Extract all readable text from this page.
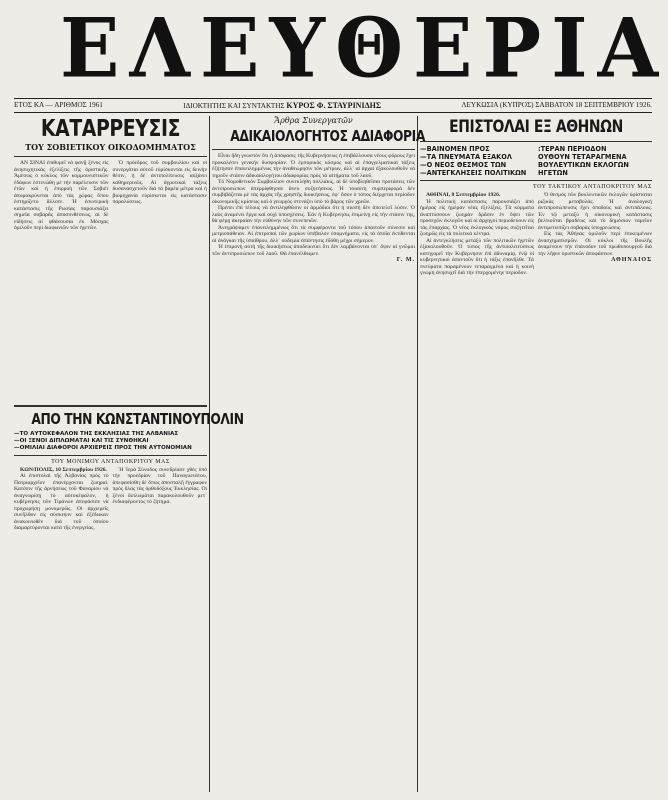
ΕΛΕΥΘΕΡΙΑ
ΕΤΟΣ ΚΑ — ΑΡΙΘΜΟΣ 1961	ΙΔΙΟΚΤΗΤΗΣ ΚΑΙ ΣΥΝΤΑΚΤΗΣ ΚΥΡΟΣ Φ. ΣΤΑΥΡΙΝΙΔΗΣ	ΛΕΥΚΩΣΙΑ (ΚΥΠΡΟΣ) ΣΑΒΒΑΤΟΝ 18 ΣΕΠΤΕΜΒΡΙΟΥ 1926.
ΚΑΤΑΡΡΕΥΣΙΣ
ΤΟΥ ΣΟΒΙΕΤΙΚΟΥ ΟΙΚΟΔΟΜΗΜΑΤΟΣ

ΑΝ ΣΙΝΑΙ ἐπιθυμεῖ νὰ φανῇ ξένος εἰς ἀνησυχητικὰς ἐξελίξεις τῆς ὁριστικῆς. Ἀμέσως ὁ κύκλος τῶν κομμουνιστικῶν ἐδάφων ἐστενώθη μὲ τὴν παρέλευσιν τῶν ἐτῶν καὶ ἡ ἐπιρροὴ τῶν Σοβιέτ ἀπομακρύνεται ἀπὸ τὰς χώρας ὅπου ἐστηρίζετο ἄλλοτε. Ἡ ἐσωτερικὴ κατάστασις τῆς Ρωσίας παρουσιάζει σημεῖα σοβαρᾶς ἀποσυνθέσεως, αἱ δὲ εἰδήσεις αἱ φθάνουσαι ἐκ Μόσχας ὁμιλοῦν περὶ διαφωνιῶν τῶν ἡγετῶν.

Ὁ πρόεδρος τοῦ συμβουλίου καὶ οἱ συνεργάται αὐτοῦ εὑρίσκονται εἰς δεινὴν θέσιν, ἡ δὲ ἀντιπολίτευσις αὐξάνει καθημερινῶς. Αἱ ἀγροτικαὶ τάξεις δυσανασχετοῦν διὰ τὰ βαρέα μέτρα καὶ ἡ βιομηχανία εὑρίσκεται εἰς κατάστασιν παραλύσεως.

ΑΠΟ ΤΗΝ ΚΩΝΣΤΑΝΤΙΝΟΥΠΟΛΙΝ
—ΤΟ ΑΥΤΟΚΕΦΑΛΟΝ ΤΗΣ ΕΚΚΛΗΣΙΑΣ ΤΗΣ ΑΛΒΑΝΙΑΣ
—ΟΙ ΞΕΝΟΙ ΔΙΠΛΩΜΑΤΑΙ ΚΑΙ ΤΙΣ ΣΥΝΘΗΚΑΙ
—ΟΜΙΛΙΑΙ ΔΙΑΦΟΡΟΙ ΑΡΧΙΕΡΕΙΣ ΠΡΟΣ ΤΗΝ ΑΥΤΟΝΟΜΙΑΝ
ΤΟΥ ΜΟΝΙΜΟΥ ΑΝΤΑΠΟΚΡΙΤΟΥ ΜΑΣ

ΚΩΝ/ΠΟΛΙΣ, 10 Σεπτεμβρίου 1926.

Αἱ ἐπιστολαὶ τῆς Ἀλβανίας πρὸς τὸ Πατριαρχεῖον ἐπανέρχονται ζωηραί. Κατόπιν τῆς ἀρνήσεως τοῦ Φαναρίου νὰ ἀναγνωρίσῃ τὸ αὐτοκέφαλον, ἡ κυβέρνησις τῶν Τιράνων ἀπεφάσισε νὰ προχωρήσῃ μονομερῶς. Οἱ ἀρχιερεῖς συνῆλθον εἰς σύσκεψιν καὶ ἐξέδωκαν ἀνακοινωθὲν διὰ τοῦ ὁποίου διαμαρτύρονται κατὰ τῆς ἐνεργείας.

Ἡ Ἱερὰ Σύνοδος συνεδρίασε χθὲς ὑπὸ τὴν προεδρίαν τοῦ Παναγιωτάτου, ἀπεφασίσθη δὲ ὅπως ἀποσταλῇ ἔγγραφον πρὸς ὅλας τὰς ὀρθοδόξους Ἐκκλησίας. Οἱ ξένοι διπλωμάται παρακολουθοῦν μετ᾽ ἐνδιαφέροντος τὸ ζήτημα.

Ἄρθρα Συνεργατῶν
ΑΔΙΚΑΙΟΛΟΓΗΤΟΣ ΑΔΙΑΦΟΡΙΑ

Εἶναι ἤδη γνωστὸν ὅτι ἡ ἀπόφασις τῆς Κυβερνήσεως ἡ ἐπιβάλλουσα νέους φόρους ἔχει προκαλέσει γενικὴν δυσφορίαν. Ὁ ἐμπορικὸς κόσμος καὶ αἱ ἐπαγγελματικαὶ τάξεις ἐζήτησαν ἐπανειλημμένως τὴν ἀναθεώρησιν τῶν μέτρων, ἀλλ᾽ αἱ ἀρχαὶ ἐξακολουθοῦν νὰ τηροῦν στάσιν ἀδικαιολογήτου ἀδιαφορίας πρὸς τὰ αἰτήματα τοῦ λαοῦ.

Τὸ Νομοθετικὸν Συμβούλιον συνεκλήθη πολλάκις, αἱ δὲ ὑποβληθεῖσαι προτάσεις τῶν ἀντιπροσώπων ἀπερρίφθησαν ἄνευ συζητήσεως. Ἡ τοιαύτη συμπεριφορὰ δὲν συμβιβάζεται μὲ τὰς ἀρχὰς τῆς χρηστῆς διοικήσεως, ἐφ᾽ ὅσον ὁ τόπος διέρχεται περίοδον οἰκονομικῆς κρίσεως καὶ ὁ γεωργὸς στενάζει ὑπὸ τὸ βάρος τῶν χρεῶν.

Πρέπει ἐπὶ τέλους νὰ ἀντιληφθῶσιν οἱ ἁρμόδιοι ὅτι ἡ σιωπὴ δὲν ἀποτελεῖ λύσιν. Ὁ λαὸς ἀναμένει ἔργα καὶ οὐχὶ ὑποσχέσεις. Ἐὰν ἡ Κυβέρνησις ἐπιμείνῃ εἰς τὴν στάσιν της, θὰ φέρῃ ἀκεραίαν τὴν εὐθύνην τῶν συνεπειῶν.

Ἀνεγράψαμεν ἐπανειλημμένως ὅτι τὰ συμφέροντα τοῦ τόπου ἀπαιτοῦν σύνεσιν καὶ μετριοπάθειαν. Αἱ ἐπιτροπαὶ τῶν χωρίων ὑπέβαλον ὑπομνήματα, εἰς τὰ ὁποῖα ἐκτίθενται αἱ ἀνάγκαι τῆς ὑπαίθρου, ἀλλ᾽ οὐδεμία ἀπάντησις ἐδόθη μέχρι σήμερον.

Ἡ ἐπιμονὴ αὐτὴ τῆς διοικήσεως ἀποδεικνύει ὅτι δὲν λαμβάνονται ὑπ᾽ ὄψιν αἱ γνῶμαι τῶν ἀντιπροσώπων τοῦ λαοῦ. Θὰ ἐπανέλθωμεν.

Γ. Μ.
ΕΠΙΣΤΟΛΑΙ ΕΞ ΑΘΗΝΩΝ
—ΒΑΙΝΟΜΕΝ ΠΡΟΣ
—ΤΑ ΠΝΕΥΜΑΤΑ ΕΞΑΚΟΛ
—Ο ΝΕΟΣ ΘΕΣΜΟΣ ΤΩΝ
—ΑΝΤΕΓΚΛΗΣΕΙΣ ΠΟΛΙΤΙΚΩΝ
:ΤΕΡΑΝ ΠΕΡΙΟΔΟΝ
ΟΥΘΟΥΝ ΤΕΤΑΡΑΓΜΕΝΑ
ΒΟΥΛΕΥΤΙΚΩΝ ΕΚΛΟΓΩΝ
ΗΓΕΤΩΝ
ΤΟΥ ΤΑΚΤΙΚΟΥ ΑΝΤΑΠΟΚΡΙΤΟΥ ΜΑΣ

ΑΘΗΝΑΙ, 8 Σεπτεμβρίου 1926.

Ἡ πολιτικὴ κατάστασις παρουσιάζει ἀπὸ ἡμέρας εἰς ἡμέραν νέας ἐξελίξεις. Τὰ κόμματα ἀναπτύσσουν ζωηρὰν δρᾶσιν ἐν ὄψει τῶν προσεχῶν ἐκλογῶν καὶ οἱ ἀρχηγοὶ περιοδεύουν εἰς τὰς ἐπαρχίας. Ὁ νέος ἐκλογικὸς νόμος συζητεῖται ζωηρῶς εἰς τὰ πολιτικὰ κέντρα.

Αἱ ἀντεγκλήσεις μεταξὺ τῶν πολιτικῶν ἡγετῶν ἐξακολουθοῦν. Ὁ τύπος τῆς ἀντιπολιτεύσεως κατηγορεῖ τὴν Κυβέρνησιν ἐπὶ ἀδυναμίᾳ, ἐνῷ οἱ κυβερνητικοὶ ἀπαντοῦν ὅτι ἡ τάξις ἐπανῆλθε. Τὰ πνεύματα παραμένουν τεταραγμένα καὶ ἡ κοινὴ γνώμη ἀνησυχεῖ διὰ τὴν ἐπερχομένην περίοδον.

Ὁ θεσμὸς τῶν βουλευτικῶν ἐκλογῶν ὑφίσταται ριζικὰς μεταβολάς. Ἡ ἀναλογικὴ ἀντιπροσώπευσις ἔχει ὀπαδοὺς καὶ ἀντιπάλους. Ἐν τῷ μεταξὺ ἡ οἰκονομικὴ κατάστασις βελτιοῦται βραδέως καὶ τὸ δημόσιον ταμεῖον ἀντιμετωπίζει σοβαρὰς ὑποχρεώσεις.

Εἰς τὰς Ἀθήνας ὁμιλοῦν περὶ ἐπικειμένων ἀνασχηματισμῶν. Οἱ κύκλοι τῆς Βουλῆς ἀναμένουν τὴν ἐπάνοδον τοῦ πρωθυπουργοῦ διὰ τὴν λῆψιν ὁριστικῶν ἀποφάσεων.

ΑΘΗΝΑΙΟΣ
